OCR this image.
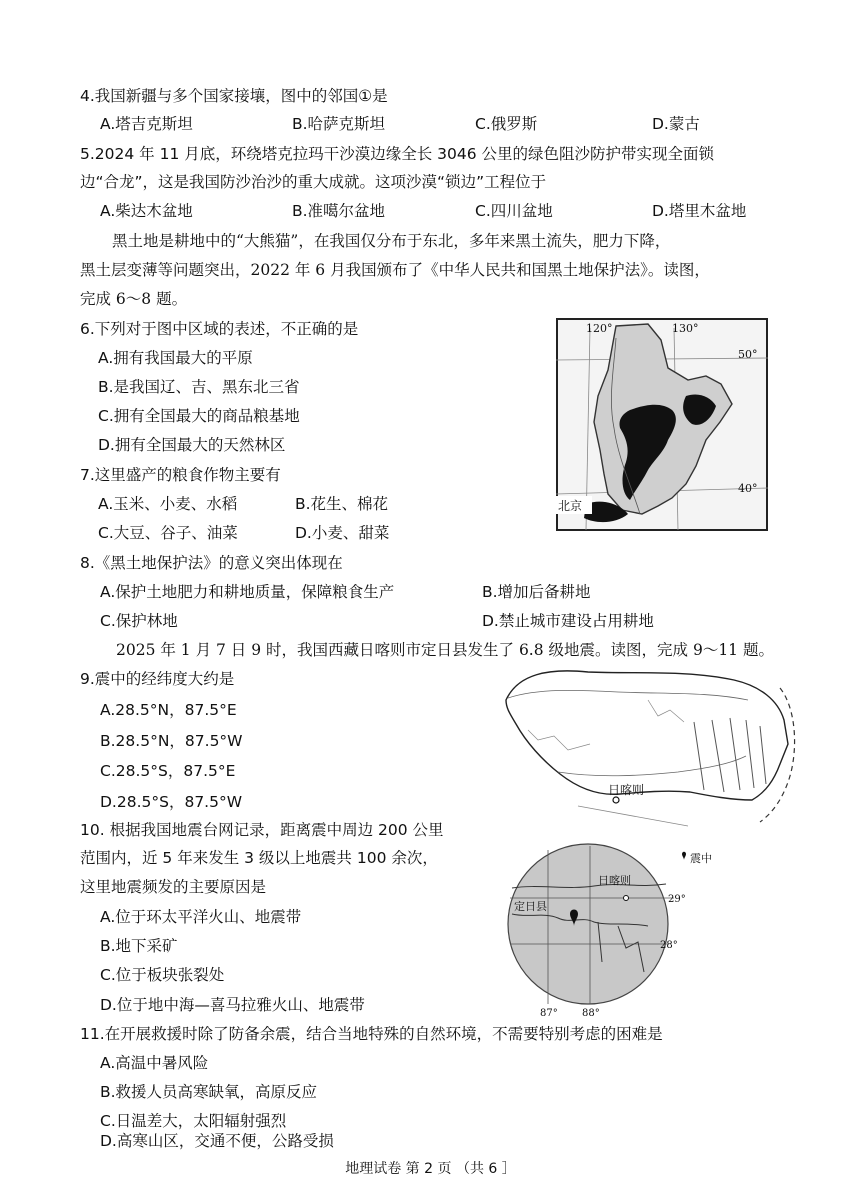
4.我国新疆与多个国家接壤，图中的邻国①是
A.塔吉克斯坦	B.哈萨克斯坦	C.俄罗斯	D.蒙古
5.2024 年 11 月底，环绕塔克拉玛干沙漠边缘全长 3046 公里的绿色阻沙防护带实现全面锁
边“合龙”，这是我国防沙治沙的重大成就。这项沙漠“锁边”工程位于
A.柴达木盆地	B.准噶尔盆地	C.四川盆地	D.塔里木盆地
黑土地是耕地中的“大熊猫”，在我国仅分布于东北，多年来黑土流失，肥力下降，
黑土层变薄等问题突出，2022 年 6 月我国颁布了《中华人民共和国黑土地保护法》。读图，
完成 6～8 题。
6.下列对于图中区域的表述，不正确的是
A.拥有我国最大的平原
B.是我国辽、吉、黑东北三省
C.拥有全国最大的商品粮基地
D.拥有全国最大的天然林区
7.这里盛产的粮食作物主要有
A.玉米、小麦、水稻	B.花生、棉花
C.大豆、谷子、油菜	D.小麦、甜菜
北京
120°	130°
50°
40°
8.《黑土地保护法》的意义突出体现在
A.保护土地肥力和耕地质量，保障粮食生产	B.增加后备耕地
C.保护林地	D.禁止城市建设占用耕地
2025 年 1 月 7 日 9 时，我国西藏日喀则市定日县发生了 6.8 级地震。读图，完成 9～11 题。
9.震中的经纬度大约是
A.28.5°N，87.5°E
B.28.5°N，87.5°W
C.28.5°S，87.5°E
D.28.5°S，87.5°W
日喀则
10. 根据我国地震台网记录，距离震中周边 200 公里
范围内，近 5 年来发生 3 级以上地震共 100 余次，
这里地震频发的主要原因是
A.位于环太平洋火山、地震带
B.地下采矿
C.位于板块张裂处
D.位于地中海—喜马拉雅火山、地震带
日喀则
定日县
29°
28°
87° 88°
震中
11.在开展救援时除了防备余震，结合当地特殊的自然环境，不需要特别考虑的困难是
A.高温中暑风险
B.救援人员高寒缺氧，高原反应
C.日温差大，太阳辐射强烈
D.高寒山区，交通不便，公路受损
地理试卷 第 2 页 （共 6 ］
